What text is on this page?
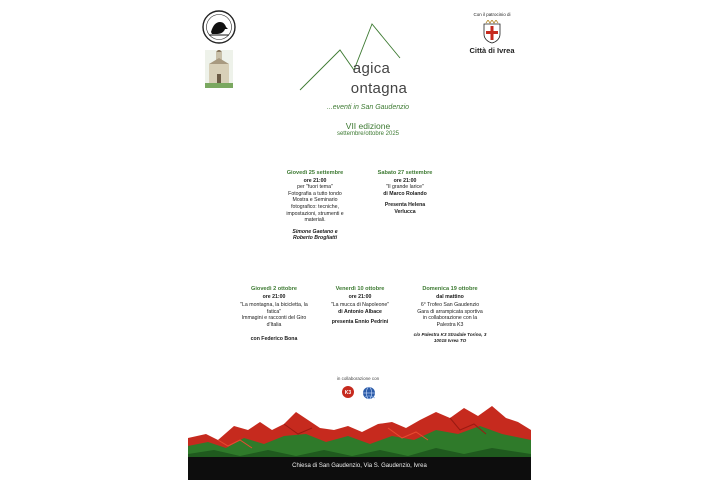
Con il patrocinio di
Città di Ivrea
agica
ontagna
...eventi in San Gaudenzio
VII edizione
settembre/ottobre 2025
Giovedì 25 settembre
ore 21:00
per "fuori tema"
Fotografia a tutto tondo
Mostra e Seminario
fotografico: tecniche,
impostazioni, strumenti e
materiali.
Simone Gaetano e
Roberto Brogliatti
Sabato 27 settembre
ore 21:00
"Il grande larice"
di Marco Rolando
Presenta Helena
Verlucca
Giovedì 2 ottobre
ore 21:00
"La montagna, la bicicletta, la
fatica"
Immagini e racconti del Giro
d'Italia
con Federico Bona
Venerdì 10 ottobre
ore 21:00
"La mucca di Napoleone"
di Antonio Albace
presenta Ennio Pedrini
Domenica 19 ottobre
dal mattino
6° Trofeo San Gaudenzio
Gara di arrampicata sportiva
in collaborazione con la
Palestra K3
c/o Palestra K3 Stradale Torino, 3
10015 Ivrea TO
in collaborazione con
K3
Chiesa di San Gaudenzio, Via S. Gaudenzio, Ivrea
